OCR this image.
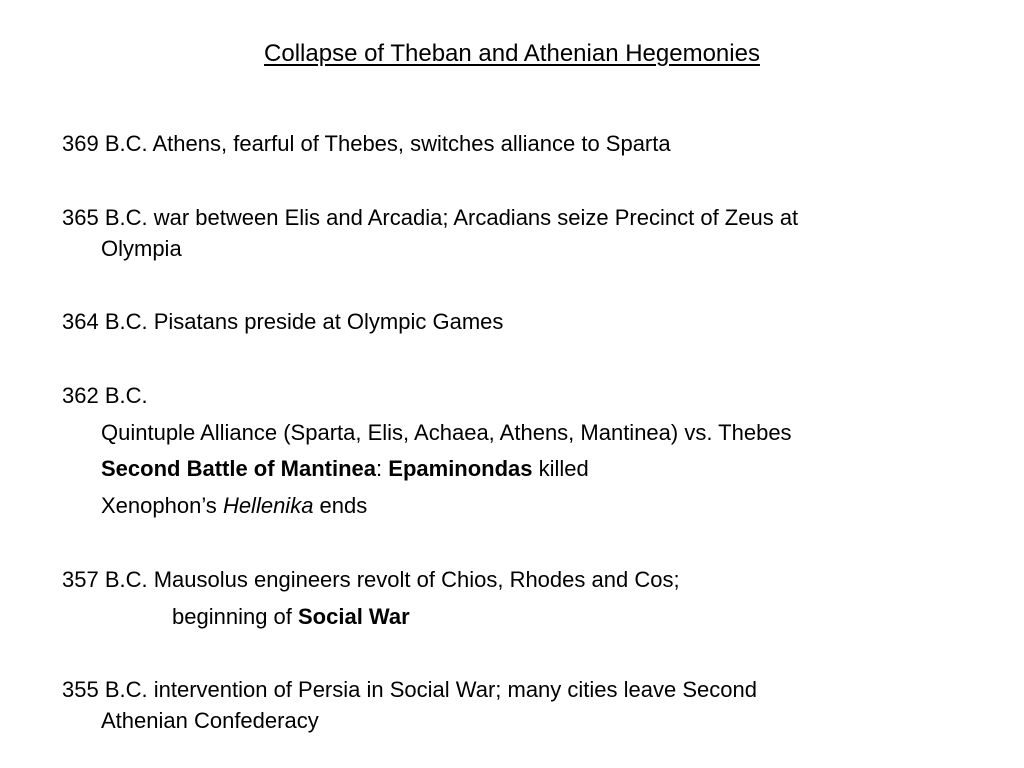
Collapse of Theban and Athenian Hegemonies
369 B.C. Athens, fearful of Thebes, switches alliance to Sparta
365 B.C. war between Elis and Arcadia; Arcadians seize Precinct of Zeus at
Olympia
364 B.C. Pisatans preside at Olympic Games
362 B.C.
Quintuple Alliance (Sparta, Elis, Achaea, Athens, Mantinea) vs. Thebes
Second Battle of Mantinea: Epaminondas killed
Xenophon’s Hellenika ends
357 B.C. Mausolus engineers revolt of Chios, Rhodes and Cos;
beginning of Social War
355 B.C. intervention of Persia in Social War; many cities leave Second
Athenian Confederacy
